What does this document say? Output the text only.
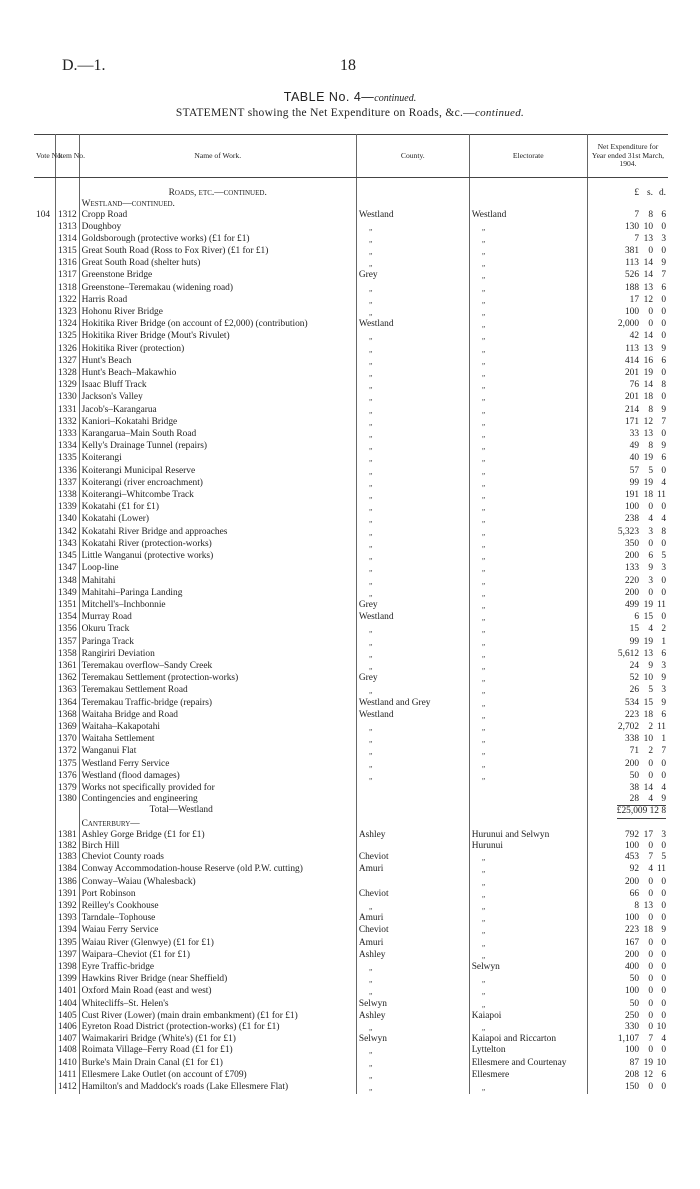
D.—1.	18
TABLE No. 4—continued.
STATEMENT showing the Net Expenditure on Roads, &c.—continued.
Vote No.	Item No.	Name of Work.	County.	Electorate	Net Expenditure for Year ended 31st March, 1904.
		Roads, etc.—continued.			£ s. d.
		Westland—continued.			
104	1312	Cropp Road	Westland	Westland	7 8 6
	1313	Doughboy	„	„	130 10 0
	1314	Goldsborough (protective works) (£1 for £1)	„	„	7 13 3
	1315	Great South Road (Ross to Fox River) (£1 for £1)	„	„	381 0 0
	1316	Great South Road (shelter huts)	„	„	113 14 9
	1317	Greenstone Bridge	Grey	„	526 14 7
	1318	Greenstone–Teremakau (widening road)	„	„	188 13 6
	1322	Harris Road	„	„	17 12 0
	1323	Hohonu River Bridge	„	„	100 0 0
	1324	Hokitika River Bridge (on account of £2,000) (contribution)	Westland	„	2,000 0 0
	1325	Hokitika River Bridge (Mout's Rivulet)	„	„	42 14 0
	1326	Hokitika River (protection)	„	„	113 13 9
	1327	Hunt's Beach	„	„	414 16 6
	1328	Hunt's Beach–Makawhio	„	„	201 19 0
	1329	Isaac Bluff Track	„	„	76 14 8
	1330	Jackson's Valley	„	„	201 18 0
	1331	Jacob's–Karangarua	„	„	214 8 9
	1332	Kaniori–Kokatahi Bridge	„	„	171 12 7
	1333	Karangarua–Main South Road	„	„	33 13 0
	1334	Kelly's Drainage Tunnel (repairs)	„	„	49 8 9
	1335	Koiterangi	„	„	40 19 6
	1336	Koiterangi Municipal Reserve	„	„	57 5 0
	1337	Koiterangi (river encroachment)	„	„	99 19 4
	1338	Koiterangi–Whitcombe Track	„	„	191 18 11
	1339	Kokatahi (£1 for £1)	„	„	100 0 0
	1340	Kokatahi (Lower)	„	„	238 4 4
	1342	Kokatahi River Bridge and approaches	„	„	5,323 3 8
	1343	Kokatahi River (protection-works)	„	„	350 0 0
	1345	Little Wanganui (protective works)	„	„	200 6 5
	1347	Loop-line	„	„	133 9 3
	1348	Mahitahi	„	„	220 3 0
	1349	Mahitahi–Paringa Landing	„	„	200 0 0
	1351	Mitchell's–Inchbonnie	Grey	„	499 19 11
	1354	Murray Road	Westland	„	6 15 0
	1356	Okuru Track	„	„	15 4 2
	1357	Paringa Track	„	„	99 19 1
	1358	Rangiriri Deviation	„	„	5,612 13 6
	1361	Teremakau overflow–Sandy Creek	„	„	24 9 3
	1362	Teremakau Settlement (protection-works)	Grey	„	52 10 9
	1363	Teremakau Settlement Road	„	„	26 5 3
	1364	Teremakau Traffic-bridge (repairs)	Westland and Grey	„	534 15 9
	1368	Waitaha Bridge and Road	Westland	„	223 18 6
	1369	Waitaha–Kakapotahi	„	„	2,702 2 11
	1370	Waitaha Settlement	„	„	338 10 1
	1372	Wanganui Flat	„	„	71 2 7
	1375	Westland Ferry Service	„	„	200 0 0
	1376	Westland (flood damages)	„	„	50 0 0
	1379	Works not specifically provided for			38 14 4
	1380	Contingencies and engineering			28 4 9
		Total—Westland			£25,009 12 8
		Canterbury—			
	1381	Ashley Gorge Bridge (£1 for £1)	Ashley	Hurunui and Selwyn	792 17 3
	1382	Birch Hill		Hurunui	100 0 0
	1383	Cheviot County roads	Cheviot	„	453 7 5
	1384	Conway Accommodation-house Reserve (old P.W. cutting)	Amuri	„	92 4 11
	1386	Conway–Waiau (Whalesback)		„	200 0 0
	1391	Port Robinson	Cheviot	„	66 0 0
	1392	Reilley's Cookhouse	„	„	8 13 0
	1393	Tarndale–Tophouse	Amuri	„	100 0 0
	1394	Waiau Ferry Service	Cheviot	„	223 18 9
	1395	Waiau River (Glenwye) (£1 for £1)	Amuri	„	167 0 0
	1397	Waipara–Cheviot (£1 for £1)	Ashley	„	200 0 0
	1398	Eyre Traffic-bridge	„	Selwyn	400 0 0
	1399	Hawkins River Bridge (near Sheffield)	„	„	50 0 0
	1401	Oxford Main Road (east and west)	„	„	100 0 0
	1404	Whitecliffs–St. Helen's	Selwyn	„	50 0 0
	1405	Cust River (Lower) (main drain embankment) (£1 for £1)	Ashley	Kaiapoi	250 0 0
	1406	Eyreton Road District (protection-works) (£1 for £1)	„	„	330 0 10
	1407	Waimakariri Bridge (White's) (£1 for £1)	Selwyn	Kaiapoi and Riccarton	1,107 7 4
	1408	Roimata Village–Ferry Road (£1 for £1)	„	Lyttelton	100 0 0
	1410	Burke's Main Drain Canal (£1 for £1)	„	Ellesmere and Courtenay	87 19 10
	1411	Ellesmere Lake Outlet (on account of £709)	„	Ellesmere	208 12 6
	1412	Hamilton's and Maddock's roads (Lake Ellesmere Flat)	„	„	150 0 0
